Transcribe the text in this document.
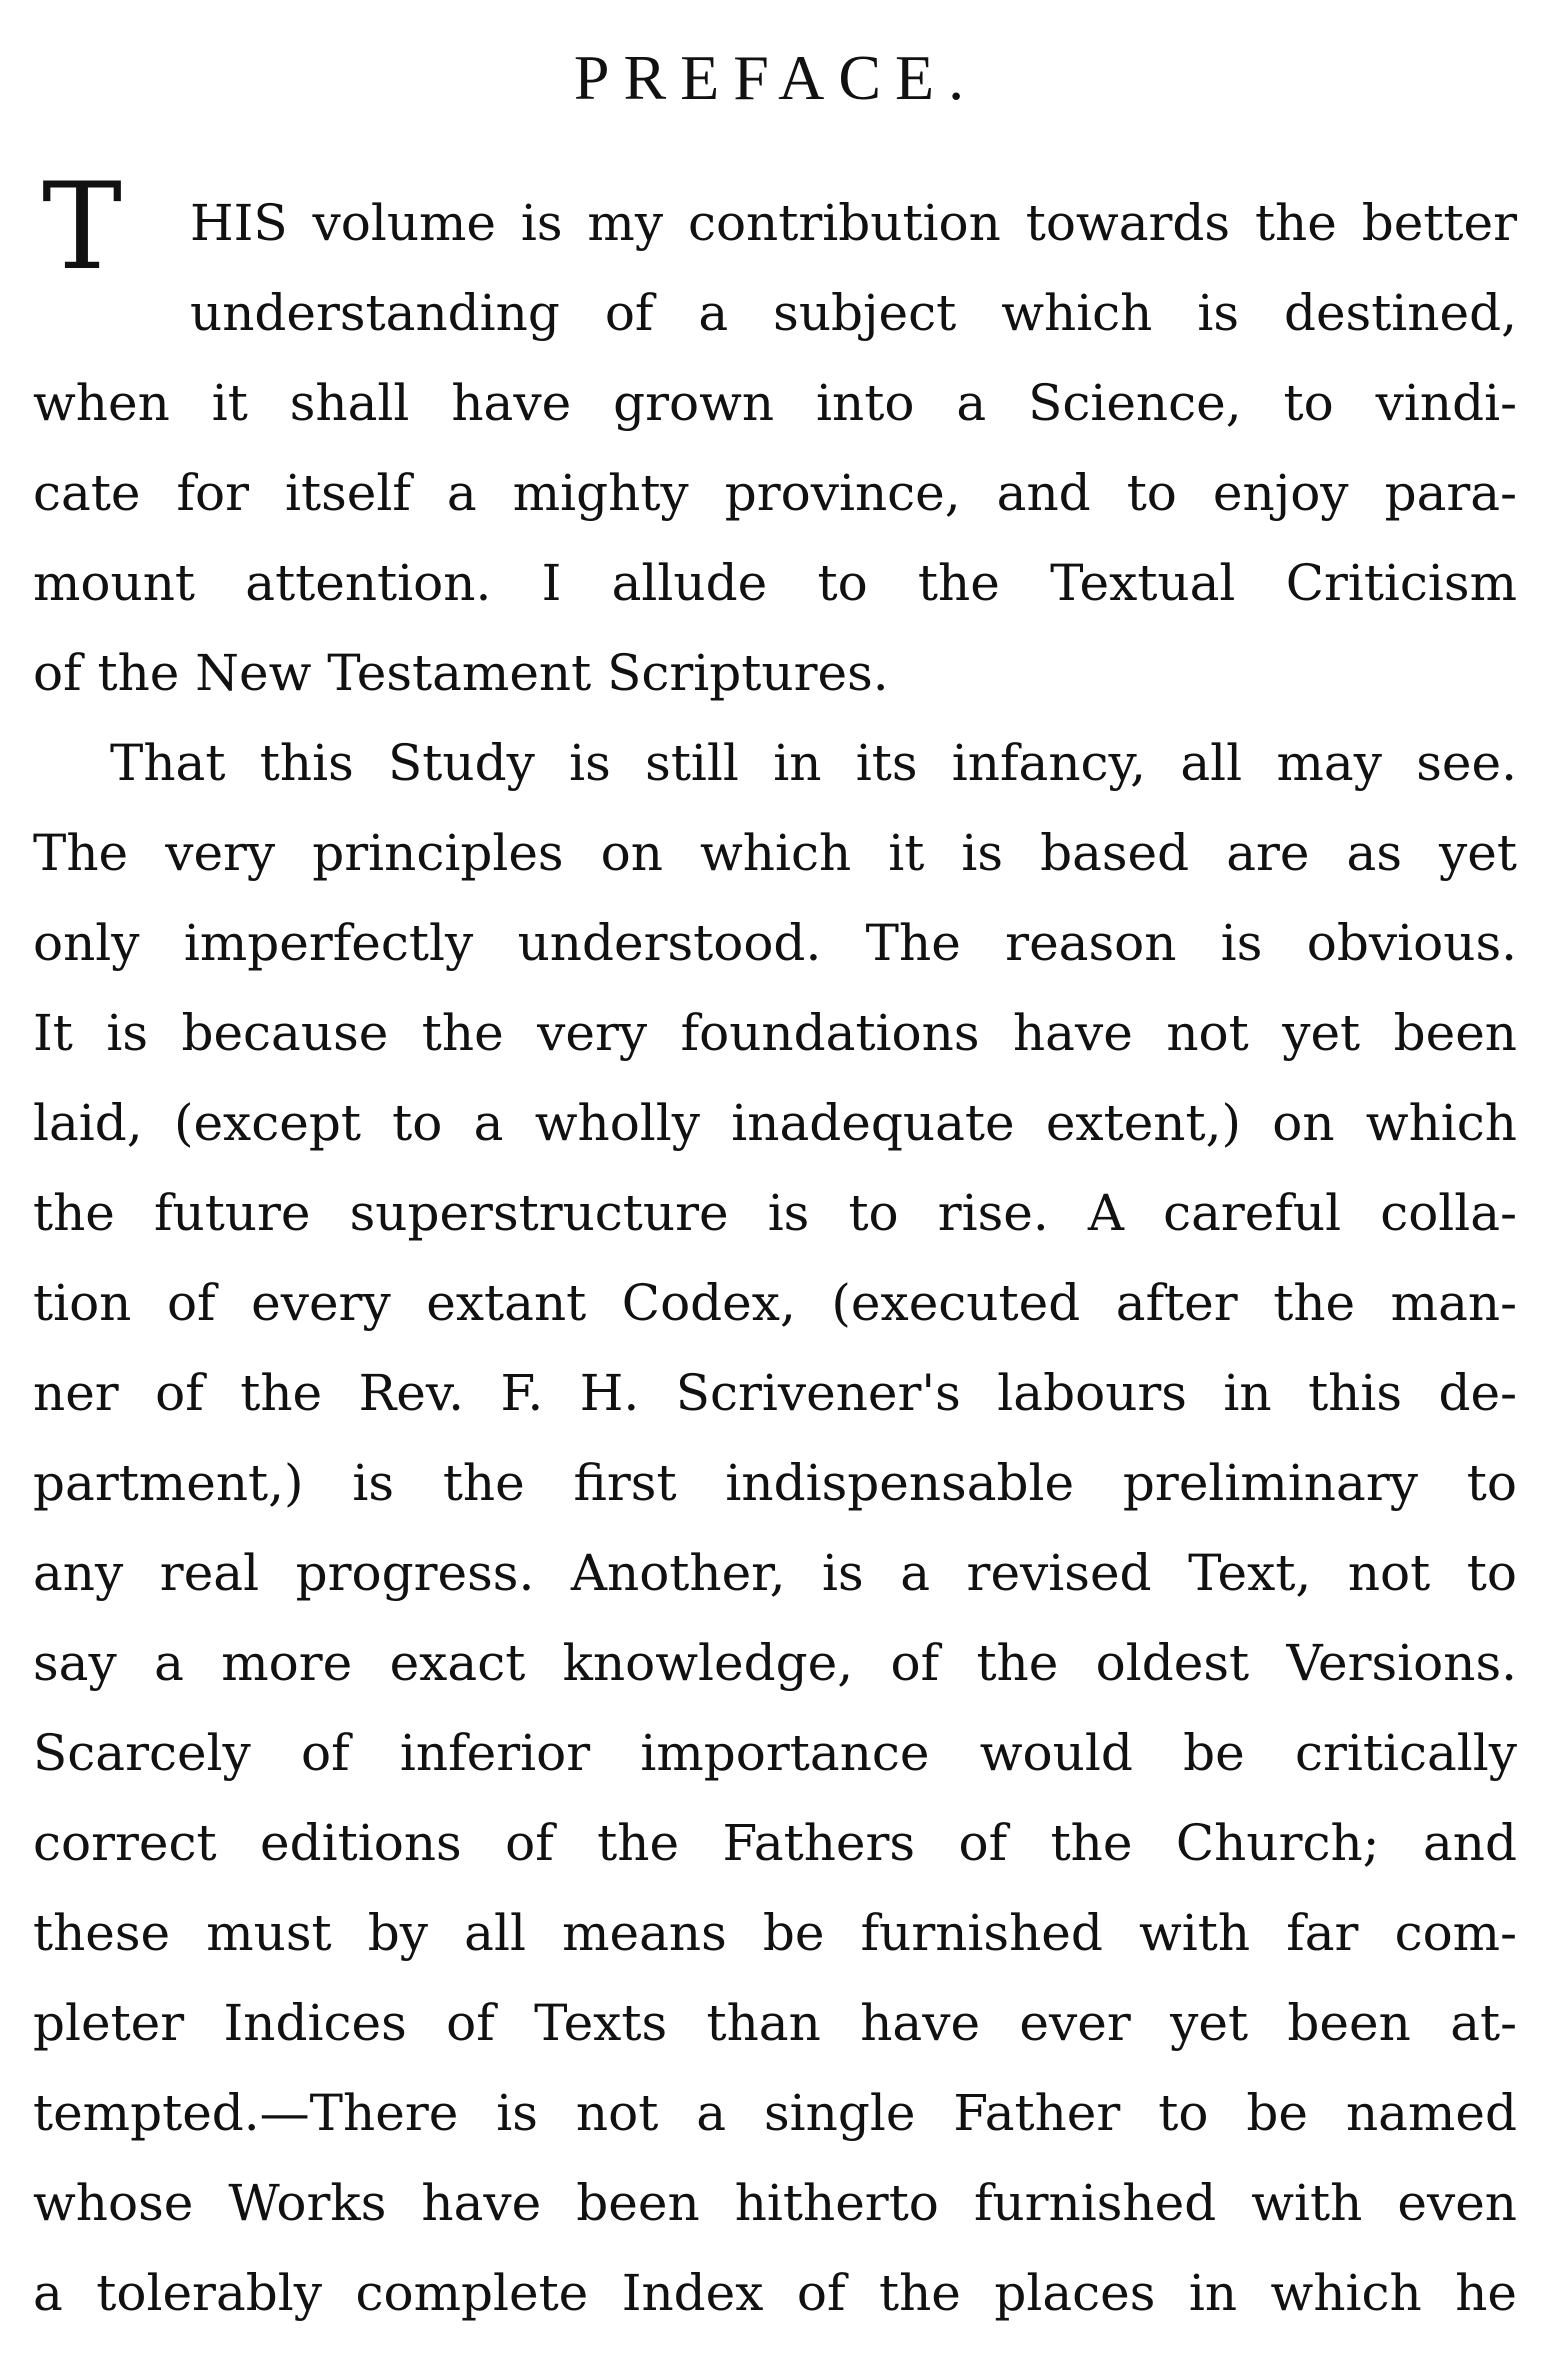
PREFACE.
T HIS volume is my contribution towards the better
understanding of a subject which is destined,
when it shall have grown into a Science, to vindi-
cate for itself a mighty province, and to enjoy para-
mount attention. I allude to the Textual Criticism
of the New Testament Scriptures.
That this Study is still in its infancy, all may see.
The very principles on which it is based are as yet
only imperfectly understood. The reason is obvious.
It is because the very foundations have not yet been
laid, (except to a wholly inadequate extent,) on which
the future superstructure is to rise. A careful colla-
tion of every extant Codex, (executed after the man-
ner of the Rev. F. H. Scrivener's labours in this de-
partment,) is the first indispensable preliminary to
any real progress. Another, is a revised Text, not to
say a more exact knowledge, of the oldest Versions.
Scarcely of inferior importance would be critically
correct editions of the Fathers of the Church; and
these must by all means be furnished with far com-
pleter Indices of Texts than have ever yet been at-
tempted.—There is not a single Father to be named
whose Works have been hitherto furnished with even
a tolerably complete Index of the places in which he
